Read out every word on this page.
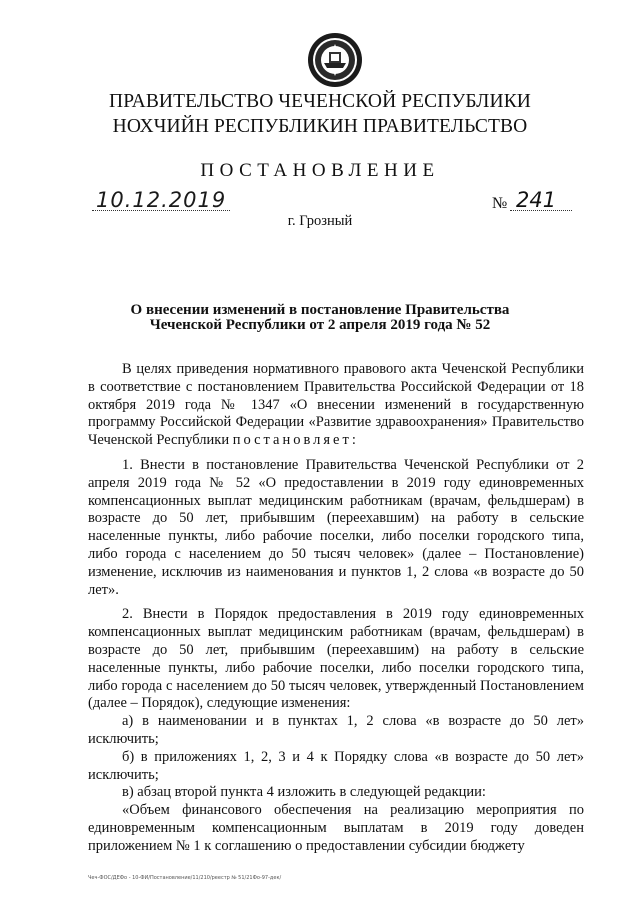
ПРАВИТЕЛЬСТВО ЧЕЧЕНСКОЙ РЕСПУБЛИКИ
НОХЧИЙН РЕСПУБЛИКИН ПРАВИТЕЛЬСТВО
ПОСТАНОВЛЕНИЕ
10.12.2019	№ 241
г. Грозный
О внесении изменений в постановление Правительства
Чеченской Республики от 2 апреля 2019 года № 52

В целях приведения нормативного правового акта Чеченской Республики в соответствие с постановлением Правительства Российской Федерации от 18 октября 2019 года № 1347 «О внесении изменений в государственную программу Российской Федерации «Развитие здравоохранения» Правительство Чеченской Республики постановляет:

1. Внести в постановление Правительства Чеченской Республики от 2 апреля 2019 года № 52 «О предоставлении в 2019 году единовременных компенсационных выплат медицинским работникам (врачам, фельдшерам) в возрасте до 50 лет, прибывшим (переехавшим) на работу в сельские населенные пункты, либо рабочие поселки, либо поселки городского типа, либо города с населением до 50 тысяч человек» (далее – Постановление) изменение, исключив из наименования и пунктов 1, 2 слова «в возрасте до 50 лет».

2. Внести в Порядок предоставления в 2019 году единовременных компенсационных выплат медицинским работникам (врачам, фельдшерам) в возрасте до 50 лет, прибывшим (переехавшим) на работу в сельские населенные пункты, либо рабочие поселки, либо поселки городского типа, либо города с населением до 50 тысяч человек, утвержденный Постановлением (далее – Порядок), следующие изменения:

а) в наименовании и в пунктах 1, 2 слова «в возрасте до 50 лет» исключить;

б) в приложениях 1, 2, 3 и 4 к Порядку слова «в возрасте до 50 лет» исключить;

в) абзац второй пункта 4 изложить в следующей редакции:

«Объем финансового обеспечения на реализацию мероприятия по единовременным компенсационным выплатам в 2019 году доведен приложением № 1 к соглашению о предоставлении субсидии бюджету

Чеч-ФОС/ДЕФо - 10-ФИ/Постановление/11/210/реестр № 51/21Фо-97-дек/
